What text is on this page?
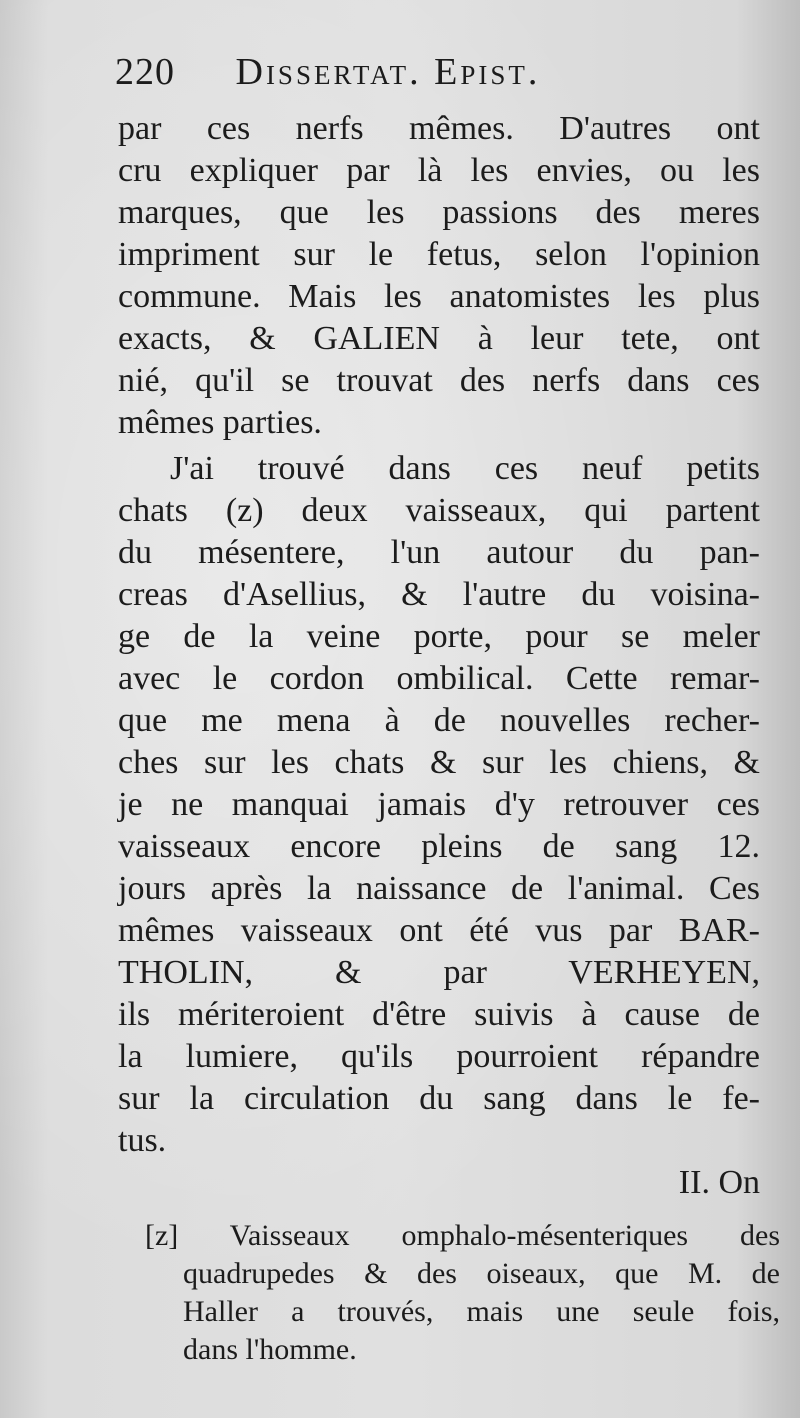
220 Dissertat. Epist.
par ces nerfs mêmes. D'autres ont
cru expliquer par là les envies, ou les
marques, que les passions des meres
impriment sur le fetus, selon l'opinion
commune. Mais les anatomistes les plus
exacts, & GALIEN à leur tete, ont
nié, qu'il se trouvat des nerfs dans ces
mêmes parties.
J'ai trouvé dans ces neuf petits
chats (z) deux vaisseaux, qui partent
du mésentere, l'un autour du pan-
creas d'Asellius, & l'autre du voisina-
ge de la veine porte, pour se meler
avec le cordon ombilical. Cette remar-
que me mena à de nouvelles recher-
ches sur les chats & sur les chiens, &
je ne manquai jamais d'y retrouver ces
vaisseaux encore pleins de sang 12.
jours après la naissance de l'animal. Ces
mêmes vaisseaux ont été vus par BAR-
THOLIN, & par VERHEYEN,
ils mériteroient d'être suivis à cause de
la lumiere, qu'ils pourroient répandre
sur la circulation du sang dans le fe-
tus.
II. On
[z] Vaisseaux omphalo-mésenteriques des
quadrupedes & des oiseaux, que M. de
Haller a trouvés, mais une seule fois,
dans l'homme.
